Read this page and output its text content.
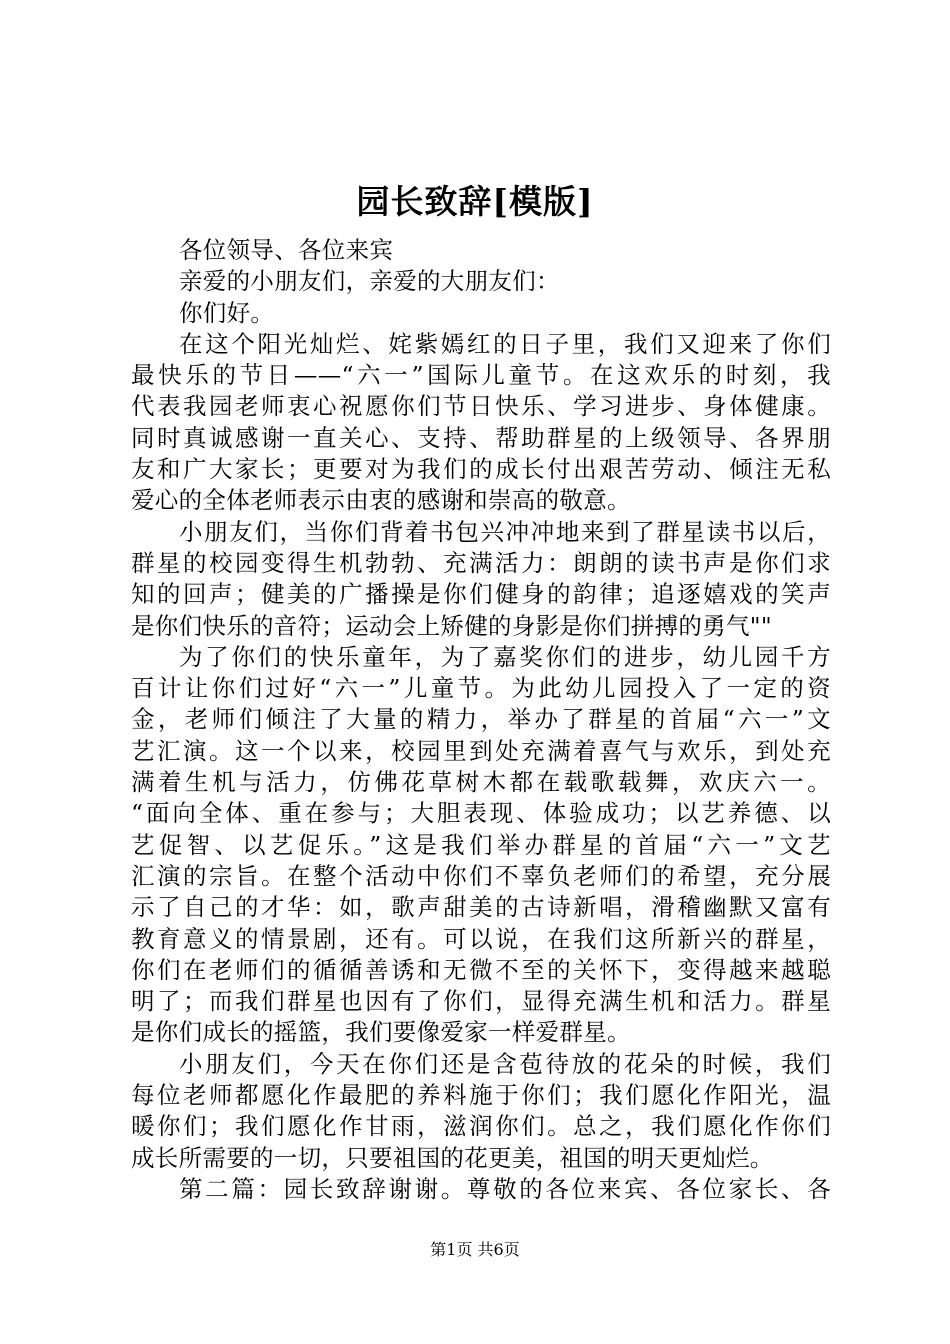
园长致辞[模版]
各位领导、各位来宾
亲爱的小朋友们，亲爱的大朋友们：
你们好。
在这个阳光灿烂、姹紫嫣红的日子里，我们又迎来了你们
最快乐的节日——“六一”国际儿童节。在这欢乐的时刻，我
代表我园老师衷心祝愿你们节日快乐、学习进步、身体健康。
同时真诚感谢一直关心、支持、帮助群星的上级领导、各界朋
友和广大家长；更要对为我们的成长付出艰苦劳动、倾注无私
爱心的全体老师表示由衷的感谢和崇高的敬意。
小朋友们，当你们背着书包兴冲冲地来到了群星读书以后，
群星的校园变得生机勃勃、充满活力：朗朗的读书声是你们求
知的回声；健美的广播操是你们健身的韵律；追逐嬉戏的笑声
是你们快乐的音符；运动会上矫健的身影是你们拼搏的勇气""
为了你们的快乐童年，为了嘉奖你们的进步，幼儿园千方
百计让你们过好“六一”儿童节。为此幼儿园投入了一定的资
金，老师们倾注了大量的精力，举办了群星的首届“六一”文
艺汇演。这一个以来，校园里到处充满着喜气与欢乐，到处充
满着生机与活力，仿佛花草树木都在载歌载舞，欢庆六一。
“面向全体、重在参与；大胆表现、体验成功；以艺养德、以
艺促智、以艺促乐。”这是我们举办群星的首届“六一”文艺
汇演的宗旨。在整个活动中你们不辜负老师们的希望，充分展
示了自己的才华：如，歌声甜美的古诗新唱，滑稽幽默又富有
教育意义的情景剧，还有。可以说，在我们这所新兴的群星，
你们在老师们的循循善诱和无微不至的关怀下，变得越来越聪
明了；而我们群星也因有了你们，显得充满生机和活力。群星
是你们成长的摇篮，我们要像爱家一样爱群星。
小朋友们，今天在你们还是含苞待放的花朵的时候，我们
每位老师都愿化作最肥的养料施于你们；我们愿化作阳光，温
暖你们；我们愿化作甘雨，滋润你们。总之，我们愿化作你们
成长所需要的一切，只要祖国的花更美，祖国的明天更灿烂。
第二篇：园长致辞谢谢。尊敬的各位来宾、各位家长、各
第1页 共6页
